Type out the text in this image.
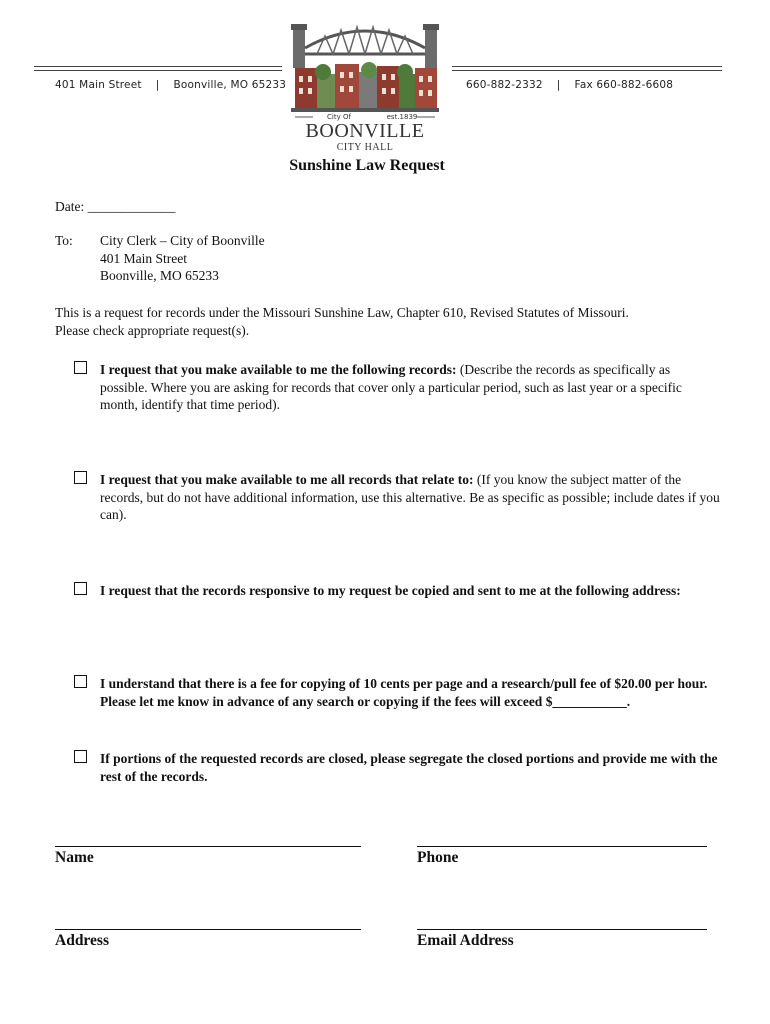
401 Main Street | Boonville, MO 65233	660-882-2332 | Fax 660-882-6608
City Of	est.1839
BOONVILLE
CITY HALL
Sunshine Law Request
Date: _____________
To: City Clerk – City of Boonville
401 Main Street
Boonville, MO 65233
This is a request for records under the Missouri Sunshine Law, Chapter 610, Revised Statutes of Missouri.
Please check appropriate request(s).
I request that you make available to me the following records: (Describe the records as specifically as possible. Where you are asking for records that cover only a particular period, such as last year or a specific month, identify that time period).
I request that you make available to me all records that relate to: (If you know the subject matter of the records, but do not have additional information, use this alternative. Be as specific as possible; include dates if you can).
I request that the records responsive to my request be copied and sent to me at the following address:
I understand that there is a fee for copying of 10 cents per page and a research/pull fee of $20.00 per hour. Please let me know in advance of any search or copying if the fees will exceed $___________.
If portions of the requested records are closed, please segregate the closed portions and provide me with the rest of the records.
Name	Phone
Address	Email Address
